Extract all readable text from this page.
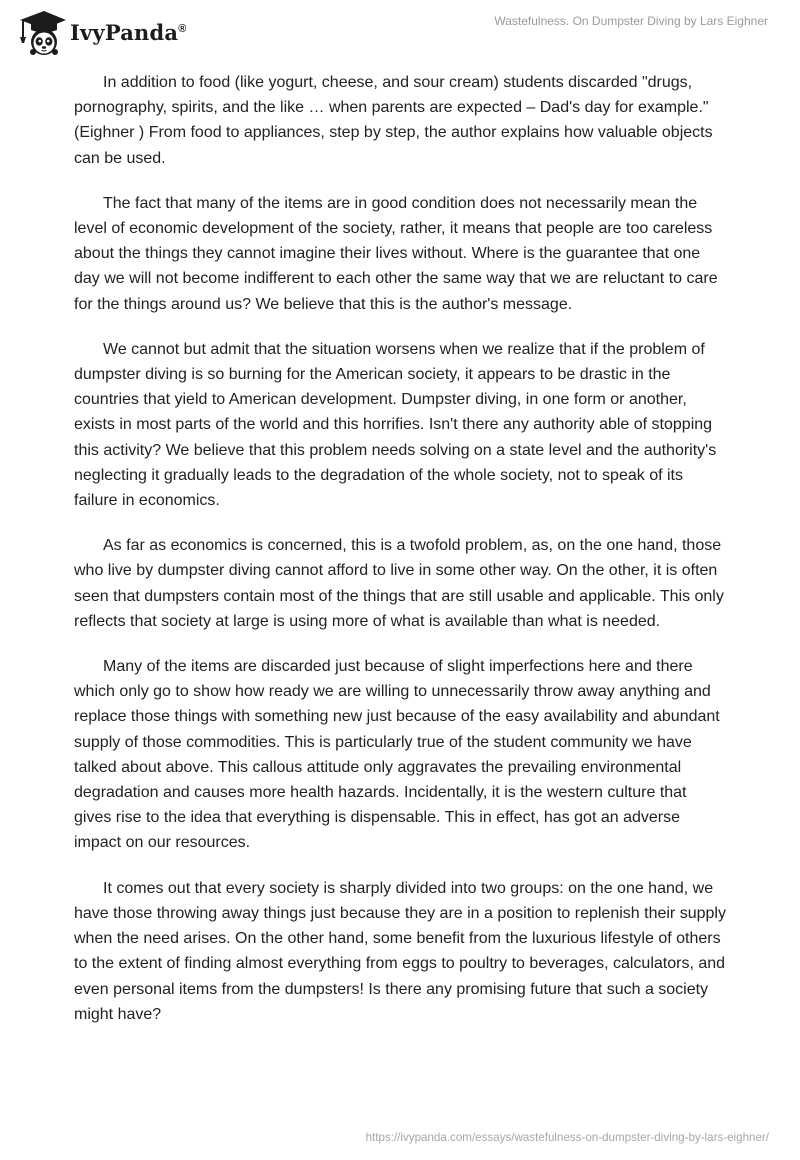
IvyPanda®
Wastefulness. On Dumpster Diving by Lars Eighner

In addition to food (like yogurt, cheese, and sour cream) students discarded "drugs, pornography, spirits, and the like … when parents are expected – Dad's day for example." (Eighner ) From food to appliances, step by step, the author explains how valuable objects can be used.

The fact that many of the items are in good condition does not necessarily mean the level of economic development of the society, rather, it means that people are too careless about the things they cannot imagine their lives without. Where is the guarantee that one day we will not become indifferent to each other the same way that we are reluctant to care for the things around us? We believe that this is the author's message.

We cannot but admit that the situation worsens when we realize that if the problem of dumpster diving is so burning for the American society, it appears to be drastic in the countries that yield to American development. Dumpster diving, in one form or another, exists in most parts of the world and this horrifies. Isn't there any authority able of stopping this activity? We believe that this problem needs solving on a state level and the authority's neglecting it gradually leads to the degradation of the whole society, not to speak of its failure in economics.

As far as economics is concerned, this is a twofold problem, as, on the one hand, those who live by dumpster diving cannot afford to live in some other way. On the other, it is often seen that dumpsters contain most of the things that are still usable and applicable. This only reflects that society at large is using more of what is available than what is needed.

Many of the items are discarded just because of slight imperfections here and there which only go to show how ready we are willing to unnecessarily throw away anything and replace those things with something new just because of the easy availability and abundant supply of those commodities. This is particularly true of the student community we have talked about above. This callous attitude only aggravates the prevailing environmental degradation and causes more health hazards. Incidentally, it is the western culture that gives rise to the idea that everything is dispensable. This in effect, has got an adverse impact on our resources.

It comes out that every society is sharply divided into two groups: on the one hand, we have those throwing away things just because they are in a position to replenish their supply when the need arises. On the other hand, some benefit from the luxurious lifestyle of others to the extent of finding almost everything from eggs to poultry to beverages, calculators, and even personal items from the dumpsters! Is there any promising future that such a society might have?

https://ivypanda.com/essays/wastefulness-on-dumpster-diving-by-lars-eighner/
